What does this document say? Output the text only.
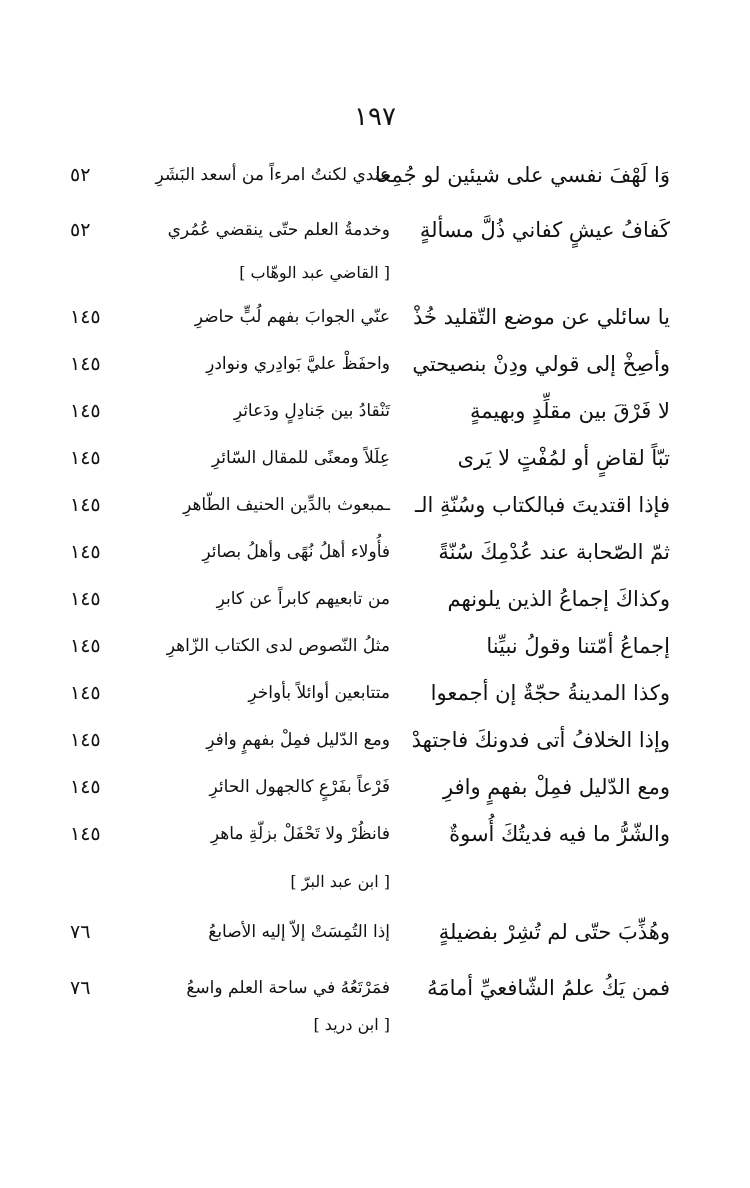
١٩٧
وَا لَهْفَ نفسي على شيئين لو جُمِعا
عندي لكنتُ امرءاً من أسعد البَشَرِ
٥٢
كَفافُ عيشٍ كفاني ذُلَّ مسألةٍ
وخدمةُ العلم حتّى ينقضي عُمُري
٥٢
[ القاضي عبد الوهّاب ]
يا سائلي عن موضع التّقليد خُذْ
عنّي الجوابَ بفهم لُبٍّ حاضرِ
١٤٥
وأصِخْ إلى قولي ودِنْ بنصيحتي
واحفَظْ عليَّ بَوادِري ونوادرِ
١٤٥
لا فَرْقَ بين مقلِّدٍ وبهيمةٍ
تَنْقادُ بين جَنادِلٍ ودَعاثرِ
١٤٥
تبّاً لقاضٍ أو لمُفْتٍ لا يَرى
عِلَلاً ومعنًى للمقال السّائرِ
١٤٥
فإذا اقتديتَ فبالكتاب وسُنّةِ الـ
ـمبعوث بالدِّين الحنيف الطّاهرِ
١٤٥
ثمّ الصّحابة عند عُدْمِكَ سُنّةً
فأُولاء أهلُ نُهًى وأهلُ بصائرِ
١٤٥
وكذاكَ إجماعُ الذين يلونهم
من تابعيهم كابراً عن كابرِ
١٤٥
إجماعُ أمّتنا وقولُ نبيِّنا
مثلُ النّصوص لدى الكتاب الزّاهرِ
١٤٥
وكذا المدينةُ حجّةٌ إن أجمعوا
متتابعين أوائلاً بأواخرِ
١٤٥
وإذا الخلافُ أتى فدونكَ فاجتهدْ
ومع الدّليل فمِلْ بفهمٍ وافرِ
١٤٥
ومع الدّليل فمِلْ بفهمٍ وافرِ
فَرْعاً بفَرْعٍ كالجهول الحائرِ
١٤٥
والشّرُّ ما فيه فديتُكَ أُسوةٌ
فانظُرْ ولا تَحْفَلْ بزلّةِ ماهرِ
١٤٥
[ ابن عبد البرّ ]
وهُذِّبَ حتّى لم تُشِرْ بفضيلةٍ
إذا التُمِسَتْ إلاّ إليه الأصابعُ
٧٦
فمن يَكُ علمُ الشّافعيِّ أمامَهُ
فمَرْتَعُهُ في ساحة العلم واسعُ
٧٦
[ ابن دريد ]
